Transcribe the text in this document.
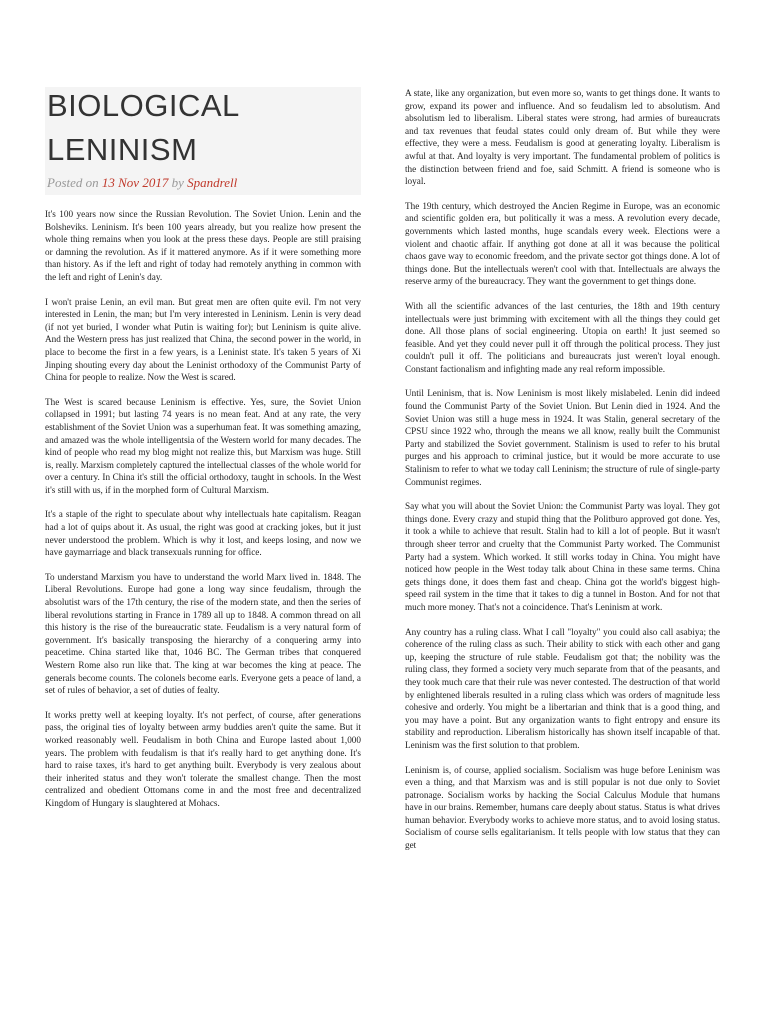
BIOLOGICAL
LENINISM
Posted on 13 Nov 2017 by Spandrell

It's 100 years now since the Russian Revolution. The Soviet Union. Lenin and the Bolsheviks. Leninism. It's been 100 years already, but you realize how present the whole thing remains when you look at the press these days. People are still praising or damning the revolution. As if it mattered anymore. As if it were something more than history. As if the left and right of today had remotely anything in common with the left and right of Lenin's day.

I won't praise Lenin, an evil man. But great men are often quite evil. I'm not very interested in Lenin, the man; but I'm very interested in Leninism. Lenin is very dead (if not yet buried, I wonder what Putin is waiting for); but Leninism is quite alive. And the Western press has just realized that China, the second power in the world, in place to become the first in a few years, is a Leninist state. It's taken 5 years of Xi Jinping shouting every day about the Leninist orthodoxy of the Communist Party of China for people to realize. Now the West is scared.

The West is scared because Leninism is effective. Yes, sure, the Soviet Union collapsed in 1991; but lasting 74 years is no mean feat. And at any rate, the very establishment of the Soviet Union was a superhuman feat. It was something amazing, and amazed was the whole intelligentsia of the Western world for many decades. The kind of people who read my blog might not realize this, but Marxism was huge. Still is, really. Marxism completely captured the intellectual classes of the whole world for over a century. In China it's still the official orthodoxy, taught in schools. In the West it's still with us, if in the morphed form of Cultural Marxism.

It's a staple of the right to speculate about why intellectuals hate capitalism. Reagan had a lot of quips about it. As usual, the right was good at cracking jokes, but it just never understood the problem. Which is why it lost, and keeps losing, and now we have gaymarriage and black transexuals running for office.

To understand Marxism you have to understand the world Marx lived in. 1848. The Liberal Revolutions. Europe had gone a long way since feudalism, through the absolutist wars of the 17th century, the rise of the modern state, and then the series of liberal revolutions starting in France in 1789 all up to 1848. A common thread on all this history is the rise of the bureaucratic state. Feudalism is a very natural form of government. It's basically transposing the hierarchy of a conquering army into peacetime. China started like that, 1046 BC. The German tribes that conquered Western Rome also run like that. The king at war becomes the king at peace. The generals become counts. The colonels become earls. Everyone gets a peace of land, a set of rules of behavior, a set of duties of fealty.

It works pretty well at keeping loyalty. It's not perfect, of course, after generations pass, the original ties of loyalty between army buddies aren't quite the same. But it worked reasonably well. Feudalism in both China and Europe lasted about 1,000 years. The problem with feudalism is that it's really hard to get anything done. It's hard to raise taxes, it's hard to get anything built. Everybody is very zealous about their inherited status and they won't tolerate the smallest change. Then the most centralized and obedient Ottomans come in and the most free and decentralized Kingdom of Hungary is slaughtered at Mohacs.

A state, like any organization, but even more so, wants to get things done. It wants to grow, expand its power and influence. And so feudalism led to absolutism. And absolutism led to liberalism. Liberal states were strong, had armies of bureaucrats and tax revenues that feudal states could only dream of. But while they were effective, they were a mess. Feudalism is good at generating loyalty. Liberalism is awful at that. And loyalty is very important. The fundamental problem of politics is the distinction between friend and foe, said Schmitt. A friend is someone who is loyal.

The 19th century, which destroyed the Ancien Regime in Europe, was an economic and scientific golden era, but politically it was a mess. A revolution every decade, governments which lasted months, huge scandals every week. Elections were a violent and chaotic affair. If anything got done at all it was because the political chaos gave way to economic freedom, and the private sector got things done. A lot of things done. But the intellectuals weren't cool with that. Intellectuals are always the reserve army of the bureaucracy. They want the government to get things done.

With all the scientific advances of the last centuries, the 18th and 19th century intellectuals were just brimming with excitement with all the things they could get done. All those plans of social engineering. Utopia on earth! It just seemed so feasible. And yet they could never pull it off through the political process. They just couldn't pull it off. The politicians and bureaucrats just weren't loyal enough. Constant factionalism and infighting made any real reform impossible.

Until Leninism, that is. Now Leninism is most likely mislabeled. Lenin did indeed found the Communist Party of the Soviet Union. But Lenin died in 1924. And the Soviet Union was still a huge mess in 1924. It was Stalin, general secretary of the CPSU since 1922 who, through the means we all know, really built the Communist Party and stabilized the Soviet government. Stalinism is used to refer to his brutal purges and his approach to criminal justice, but it would be more accurate to use Stalinism to refer to what we today call Leninism; the structure of rule of single-party Communist regimes.

Say what you will about the Soviet Union: the Communist Party was loyal. They got things done. Every crazy and stupid thing that the Politburo approved got done. Yes, it took a while to achieve that result. Stalin had to kill a lot of people. But it wasn't through sheer terror and cruelty that the Communist Party worked. The Communist Party had a system. Which worked. It still works today in China. You might have noticed how people in the West today talk about China in these same terms. China gets things done, it does them fast and cheap. China got the world's biggest high-speed rail system in the time that it takes to dig a tunnel in Boston. And for not that much more money. That's not a coincidence. That's Leninism at work.

Any country has a ruling class. What I call "loyalty" you could also call asabiya; the coherence of the ruling class as such. Their ability to stick with each other and gang up, keeping the structure of rule stable. Feudalism got that; the nobility was the ruling class, they formed a society very much separate from that of the peasants, and they took much care that their rule was never contested. The destruction of that world by enlightened liberals resulted in a ruling class which was orders of magnitude less cohesive and orderly. You might be a libertarian and think that is a good thing, and you may have a point. But any organization wants to fight entropy and ensure its stability and reproduction. Liberalism historically has shown itself incapable of that. Leninism was the first solution to that problem.

Leninism is, of course, applied socialism. Socialism was huge before Leninism was even a thing, and that Marxism was and is still popular is not due only to Soviet patronage. Socialism works by hacking the Social Calculus Module that humans have in our brains. Remember, humans care deeply about status. Status is what drives human behavior. Everybody works to achieve more status, and to avoid losing status. Socialism of course sells egalitarianism. It tells people with low status that they can get
